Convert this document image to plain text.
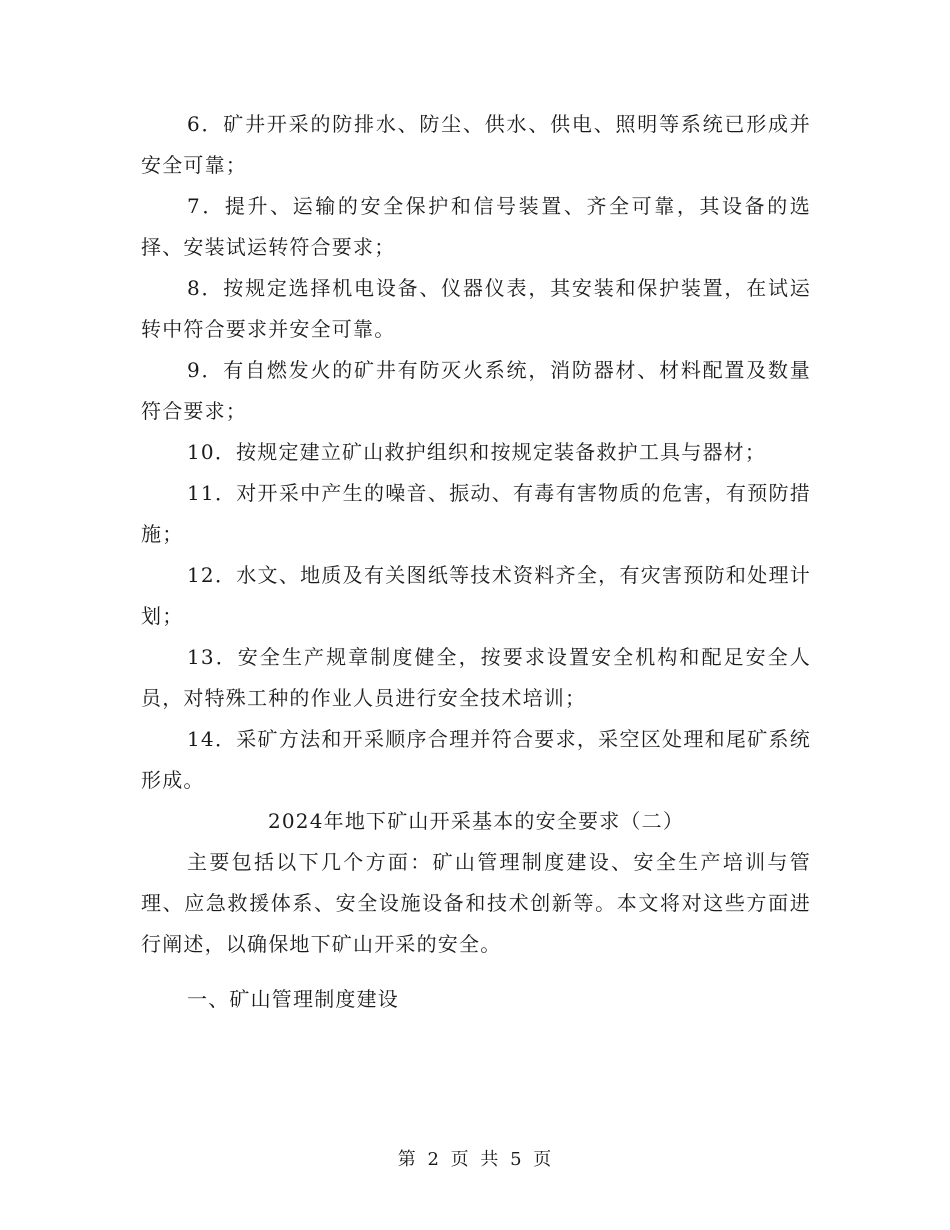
6．矿井开采的防排水、防尘、供水、供电、照明等系统已形成并安全可靠；

7．提升、运输的安全保护和信号装置、齐全可靠，其设备的选择、安装试运转符合要求；

8．按规定选择机电设备、仪器仪表，其安装和保护装置，在试运转中符合要求并安全可靠。

9．有自燃发火的矿井有防灭火系统，消防器材、材料配置及数量符合要求；

10．按规定建立矿山救护组织和按规定装备救护工具与器材；

11．对开采中产生的噪音、振动、有毒有害物质的危害，有预防措施；

12．水文、地质及有关图纸等技术资料齐全，有灾害预防和处理计划；

13．安全生产规章制度健全，按要求设置安全机构和配足安全人员，对特殊工种的作业人员进行安全技术培训；

14．采矿方法和开采顺序合理并符合要求，采空区处理和尾矿系统形成。

2024年地下矿山开采基本的安全要求（二）

主要包括以下几个方面：矿山管理制度建设、安全生产培训与管理、应急救援体系、安全设施设备和技术创新等。本文将对这些方面进行阐述，以确保地下矿山开采的安全。

一、矿山管理制度建设

第 2 页 共 5 页
